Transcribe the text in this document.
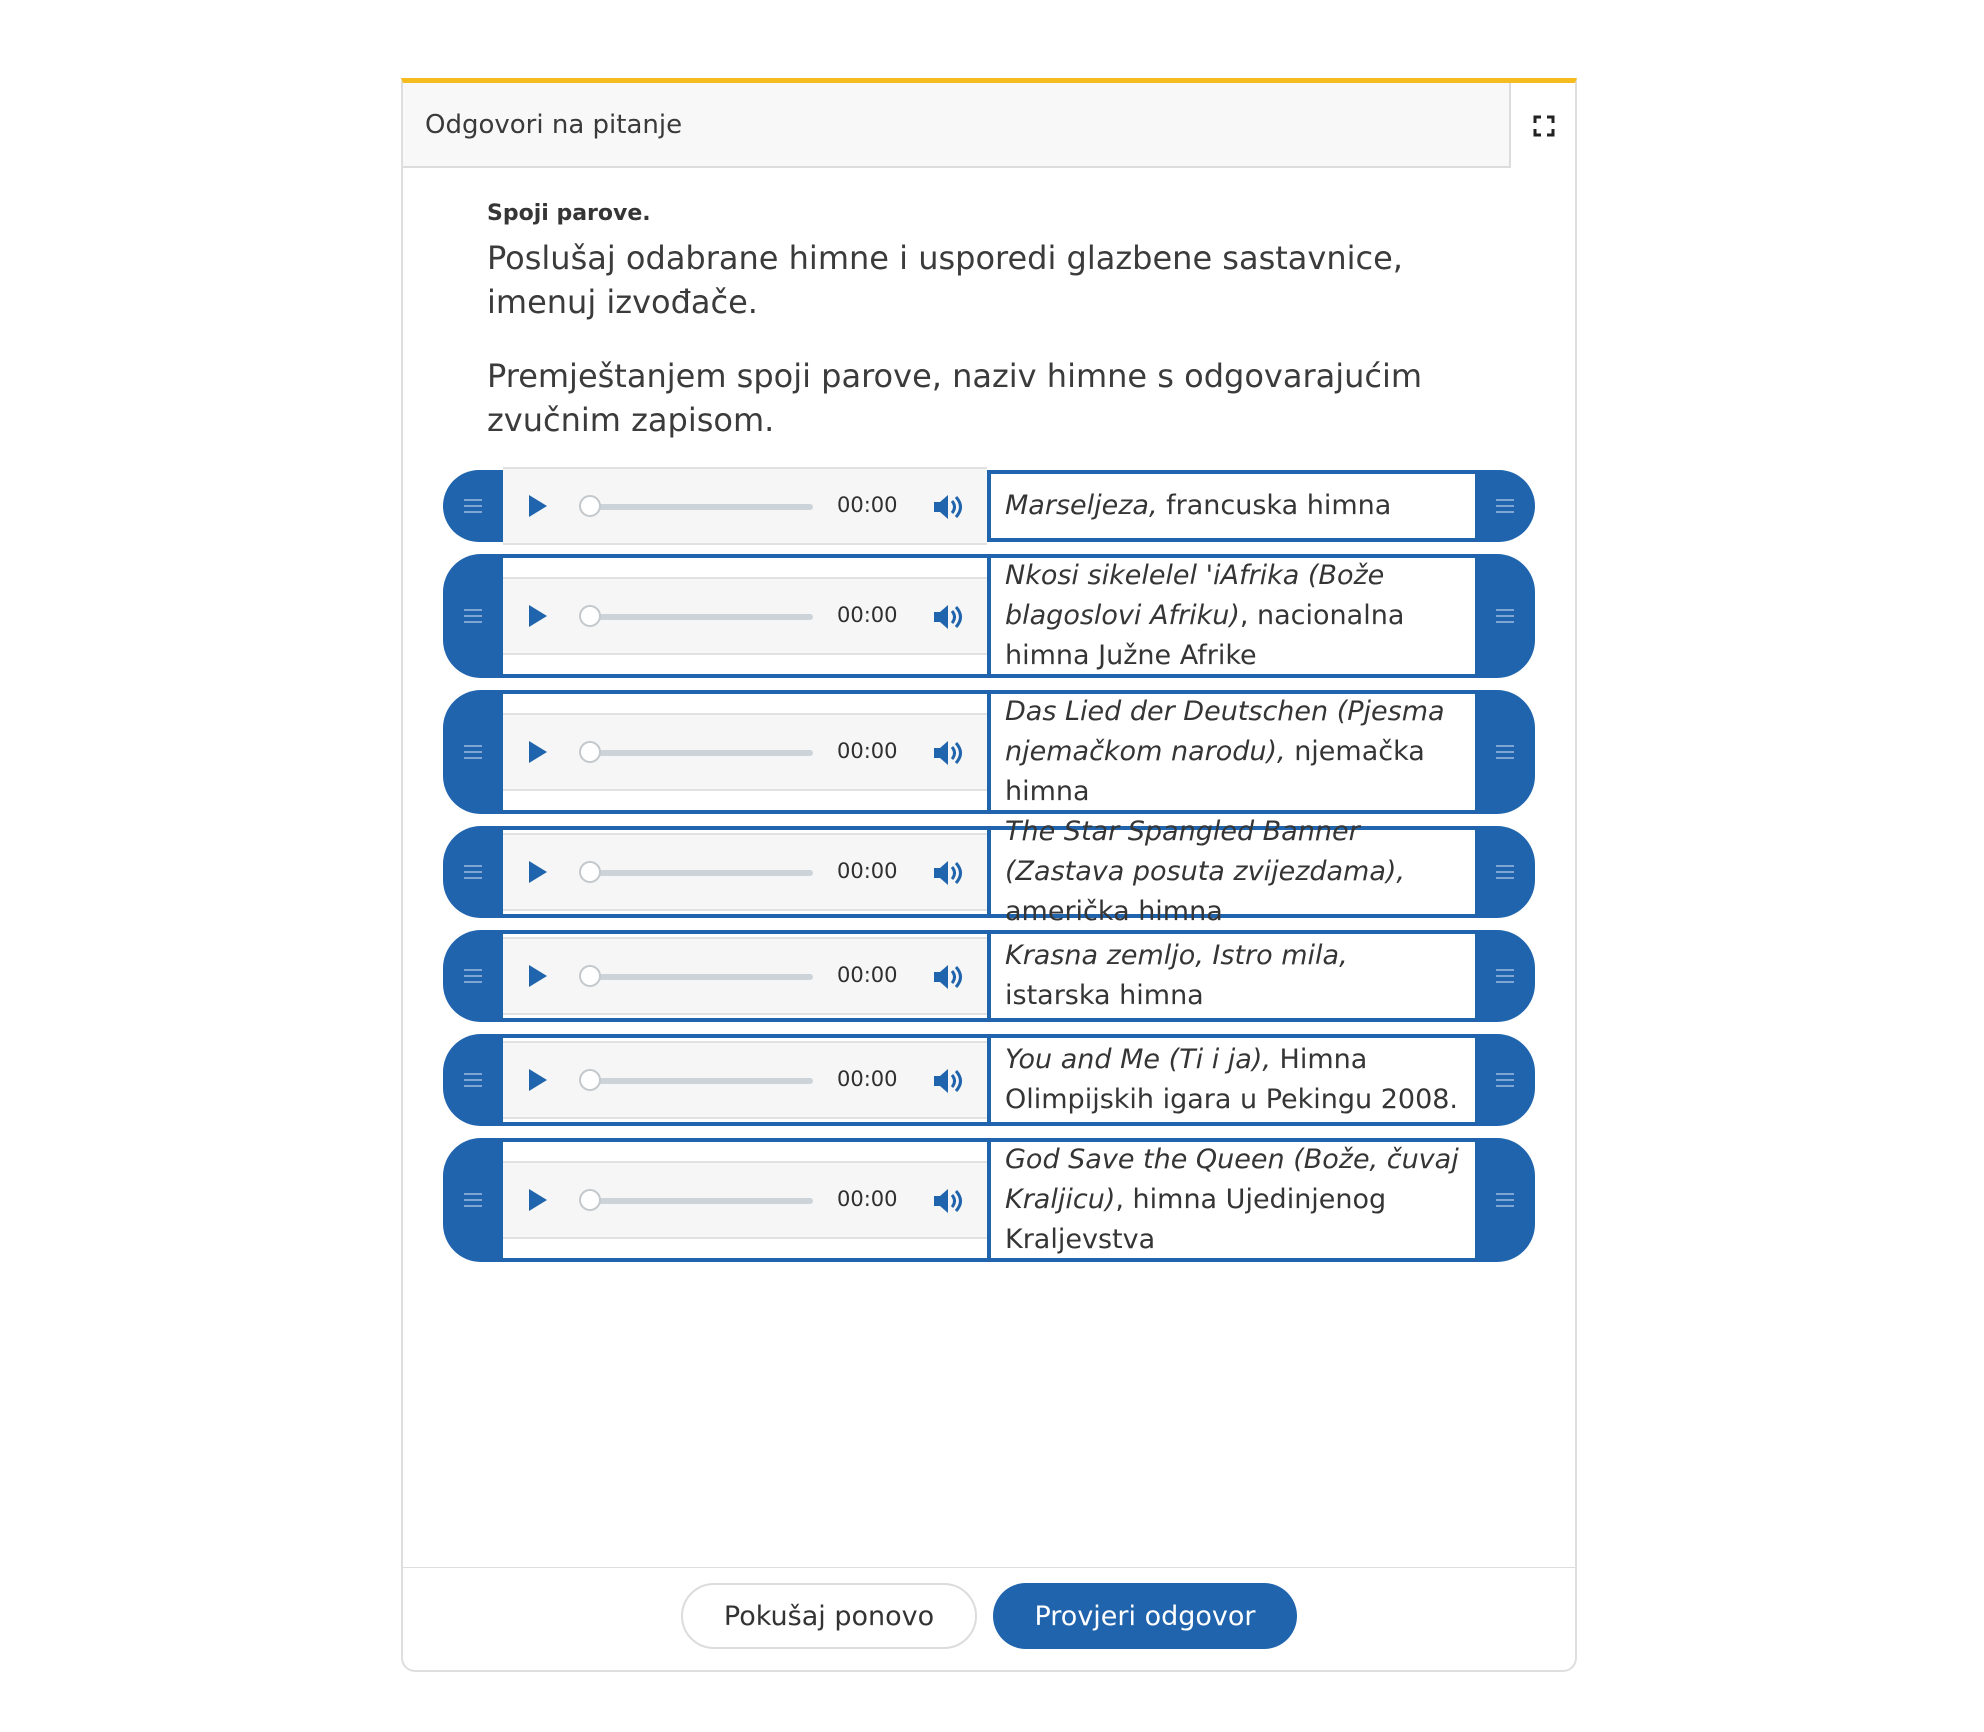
Odgovori na pitanje
Spoji parove.
Poslušaj odabrane himne i usporedi glazbene sastavnice, imenuj izvođače.
Premještanjem spoji parove, naziv himne s odgovarajućim zvučnim zapisom.
00:00	Marseljeza, francuska himna
00:00
Nkosi sikelelel 'iAfrika (Bože blagoslovi Afriku), nacionalna himna Južne Afrike
00:00
Das Lied der Deutschen (Pjesma njemačkom narodu), njemačka himna
00:00
The Star Spangled Banner (Zastava posuta zvijezdama), američka himna
00:00
Krasna zemljo, Istro mila, istarska himna
00:00
You and Me (Ti i ja), Himna Olimpijskih igara u Pekingu 2008.
00:00
God Save the Queen (Bože, čuvaj Kraljicu), himna Ujedinjenog Kraljevstva
Pokušaj ponovo	Provjeri odgovor
